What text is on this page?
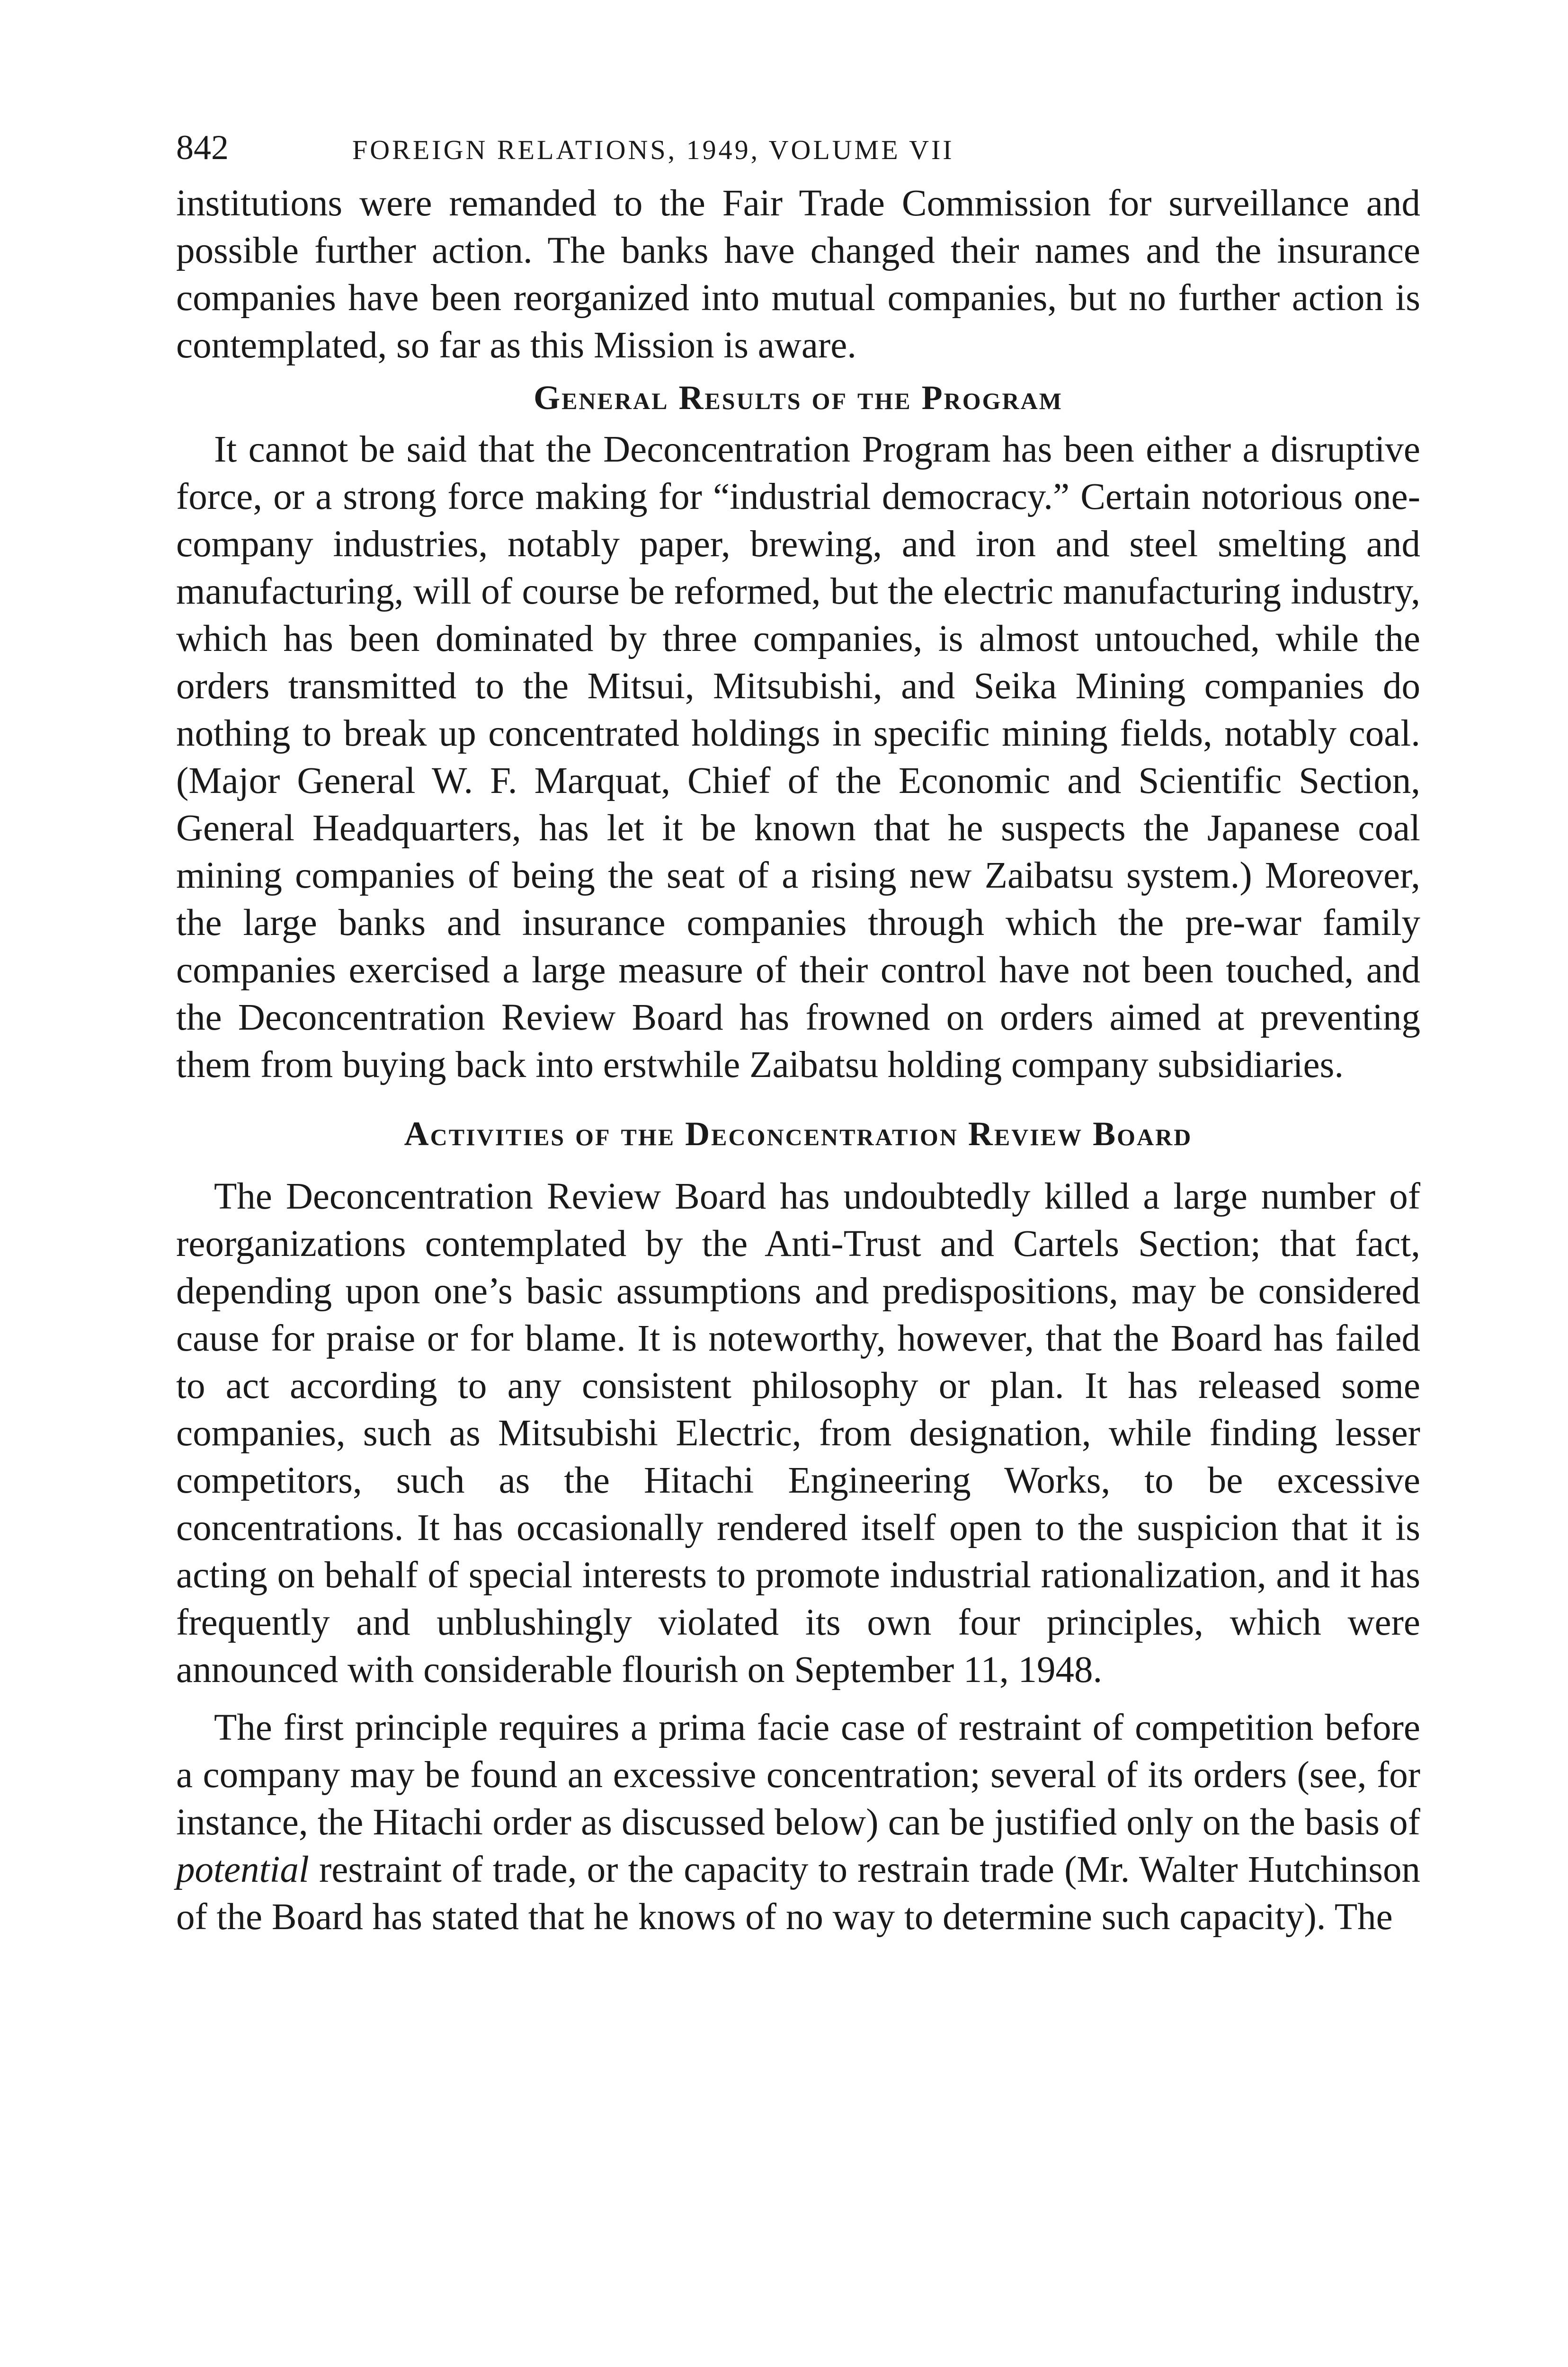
842	FOREIGN RELATIONS, 1949, VOLUME VII

institutions were remanded to the Fair Trade Commission for surveillance and possible further action. The banks have changed their names and the insurance companies have been reorganized into mutual companies, but no further action is contemplated, so far as this Mission is aware.

General Results of the Program

It cannot be said that the Deconcentration Program has been either a disruptive force, or a strong force making for “industrial democracy.” Certain notorious one-company industries, notably paper, brewing, and iron and steel smelting and manufacturing, will of course be reformed, but the electric manufacturing industry, which has been dominated by three companies, is almost untouched, while the orders transmitted to the Mitsui, Mitsubishi, and Seika Mining companies do nothing to break up concentrated holdings in specific mining fields, notably coal. (Major General W. F. Marquat, Chief of the Economic and Scientific Section, General Headquarters, has let it be known that he suspects the Japanese coal mining companies of being the seat of a rising new Zaibatsu system.) Moreover, the large banks and insurance companies through which the pre-war family companies exercised a large measure of their control have not been touched, and the Deconcentration Review Board has frowned on orders aimed at preventing them from buying back into erstwhile Zaibatsu holding company subsidiaries.

Activities of the Deconcentration Review Board

The Deconcentration Review Board has undoubtedly killed a large number of reorganizations contemplated by the Anti-Trust and Cartels Section; that fact, depending upon one’s basic assumptions and predispositions, may be considered cause for praise or for blame. It is noteworthy, however, that the Board has failed to act according to any consistent philosophy or plan. It has released some companies, such as Mitsubishi Electric, from designation, while finding lesser competitors, such as the Hitachi Engineering Works, to be excessive concentrations. It has occasionally rendered itself open to the suspicion that it is acting on behalf of special interests to promote industrial rationalization, and it has frequently and unblushingly violated its own four principles, which were announced with considerable flourish on September 11, 1948.

The first principle requires a prima facie case of restraint of competition before a company may be found an excessive concentration; several of its orders (see, for instance, the Hitachi order as discussed below) can be justified only on the basis of potential restraint of trade, or the capacity to restrain trade (Mr. Walter Hutchinson of the Board has stated that he knows of no way to determine such capacity). The
